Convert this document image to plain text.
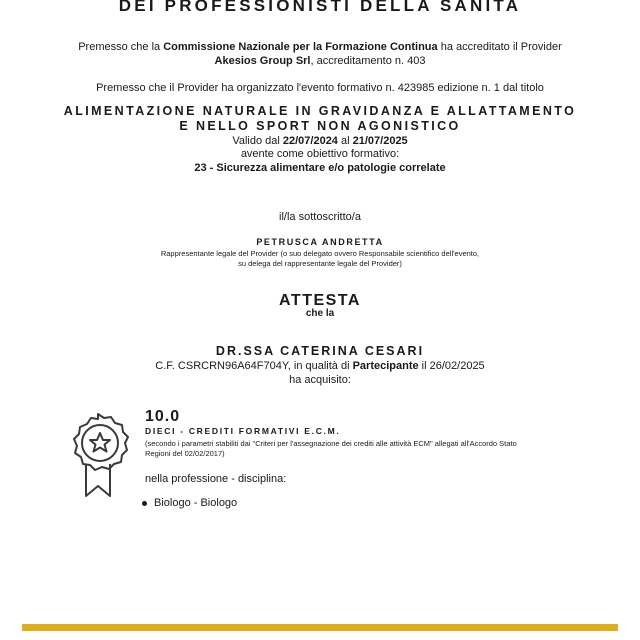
DEI PROFESSIONISTI DELLA SANITA
Premesso che la Commissione Nazionale per la Formazione Continua ha accreditato il Provider
Akesios Group Srl, accreditamento n. 403
Premesso che il Provider ha organizzato l'evento formativo n. 423985 edizione n. 1 dal titolo
ALIMENTAZIONE NATURALE IN GRAVIDANZA E ALLATTAMENTO
E NELLO SPORT NON AGONISTICO
Valido dal 22/07/2024 al 21/07/2025
avente come obiettivo formativo:
23 - Sicurezza alimentare e/o patologie correlate
il/la sottoscritto/a
PETRUSCA ANDRETTA
Rappresentante legale del Provider (o suo delegato ovvero Responsabile scientifico dell'evento,
su delega del rappresentante legale del Provider)
ATTESTA
che la
DR.SSA CATERINA CESARI
C.F. CSRCRN96A64F704Y, in qualità di Partecipante il 26/02/2025
ha acquisito:
10.0
DIECI - CREDITI FORMATIVI E.C.M.
(secondo i parametri stabiliti dai "Criteri per l'assegnazione dei crediti alle attività ECM" allegati all'Accordo Stato
Regioni del 02/02/2017)
nella professione - disciplina:
Biologo - Biologo
